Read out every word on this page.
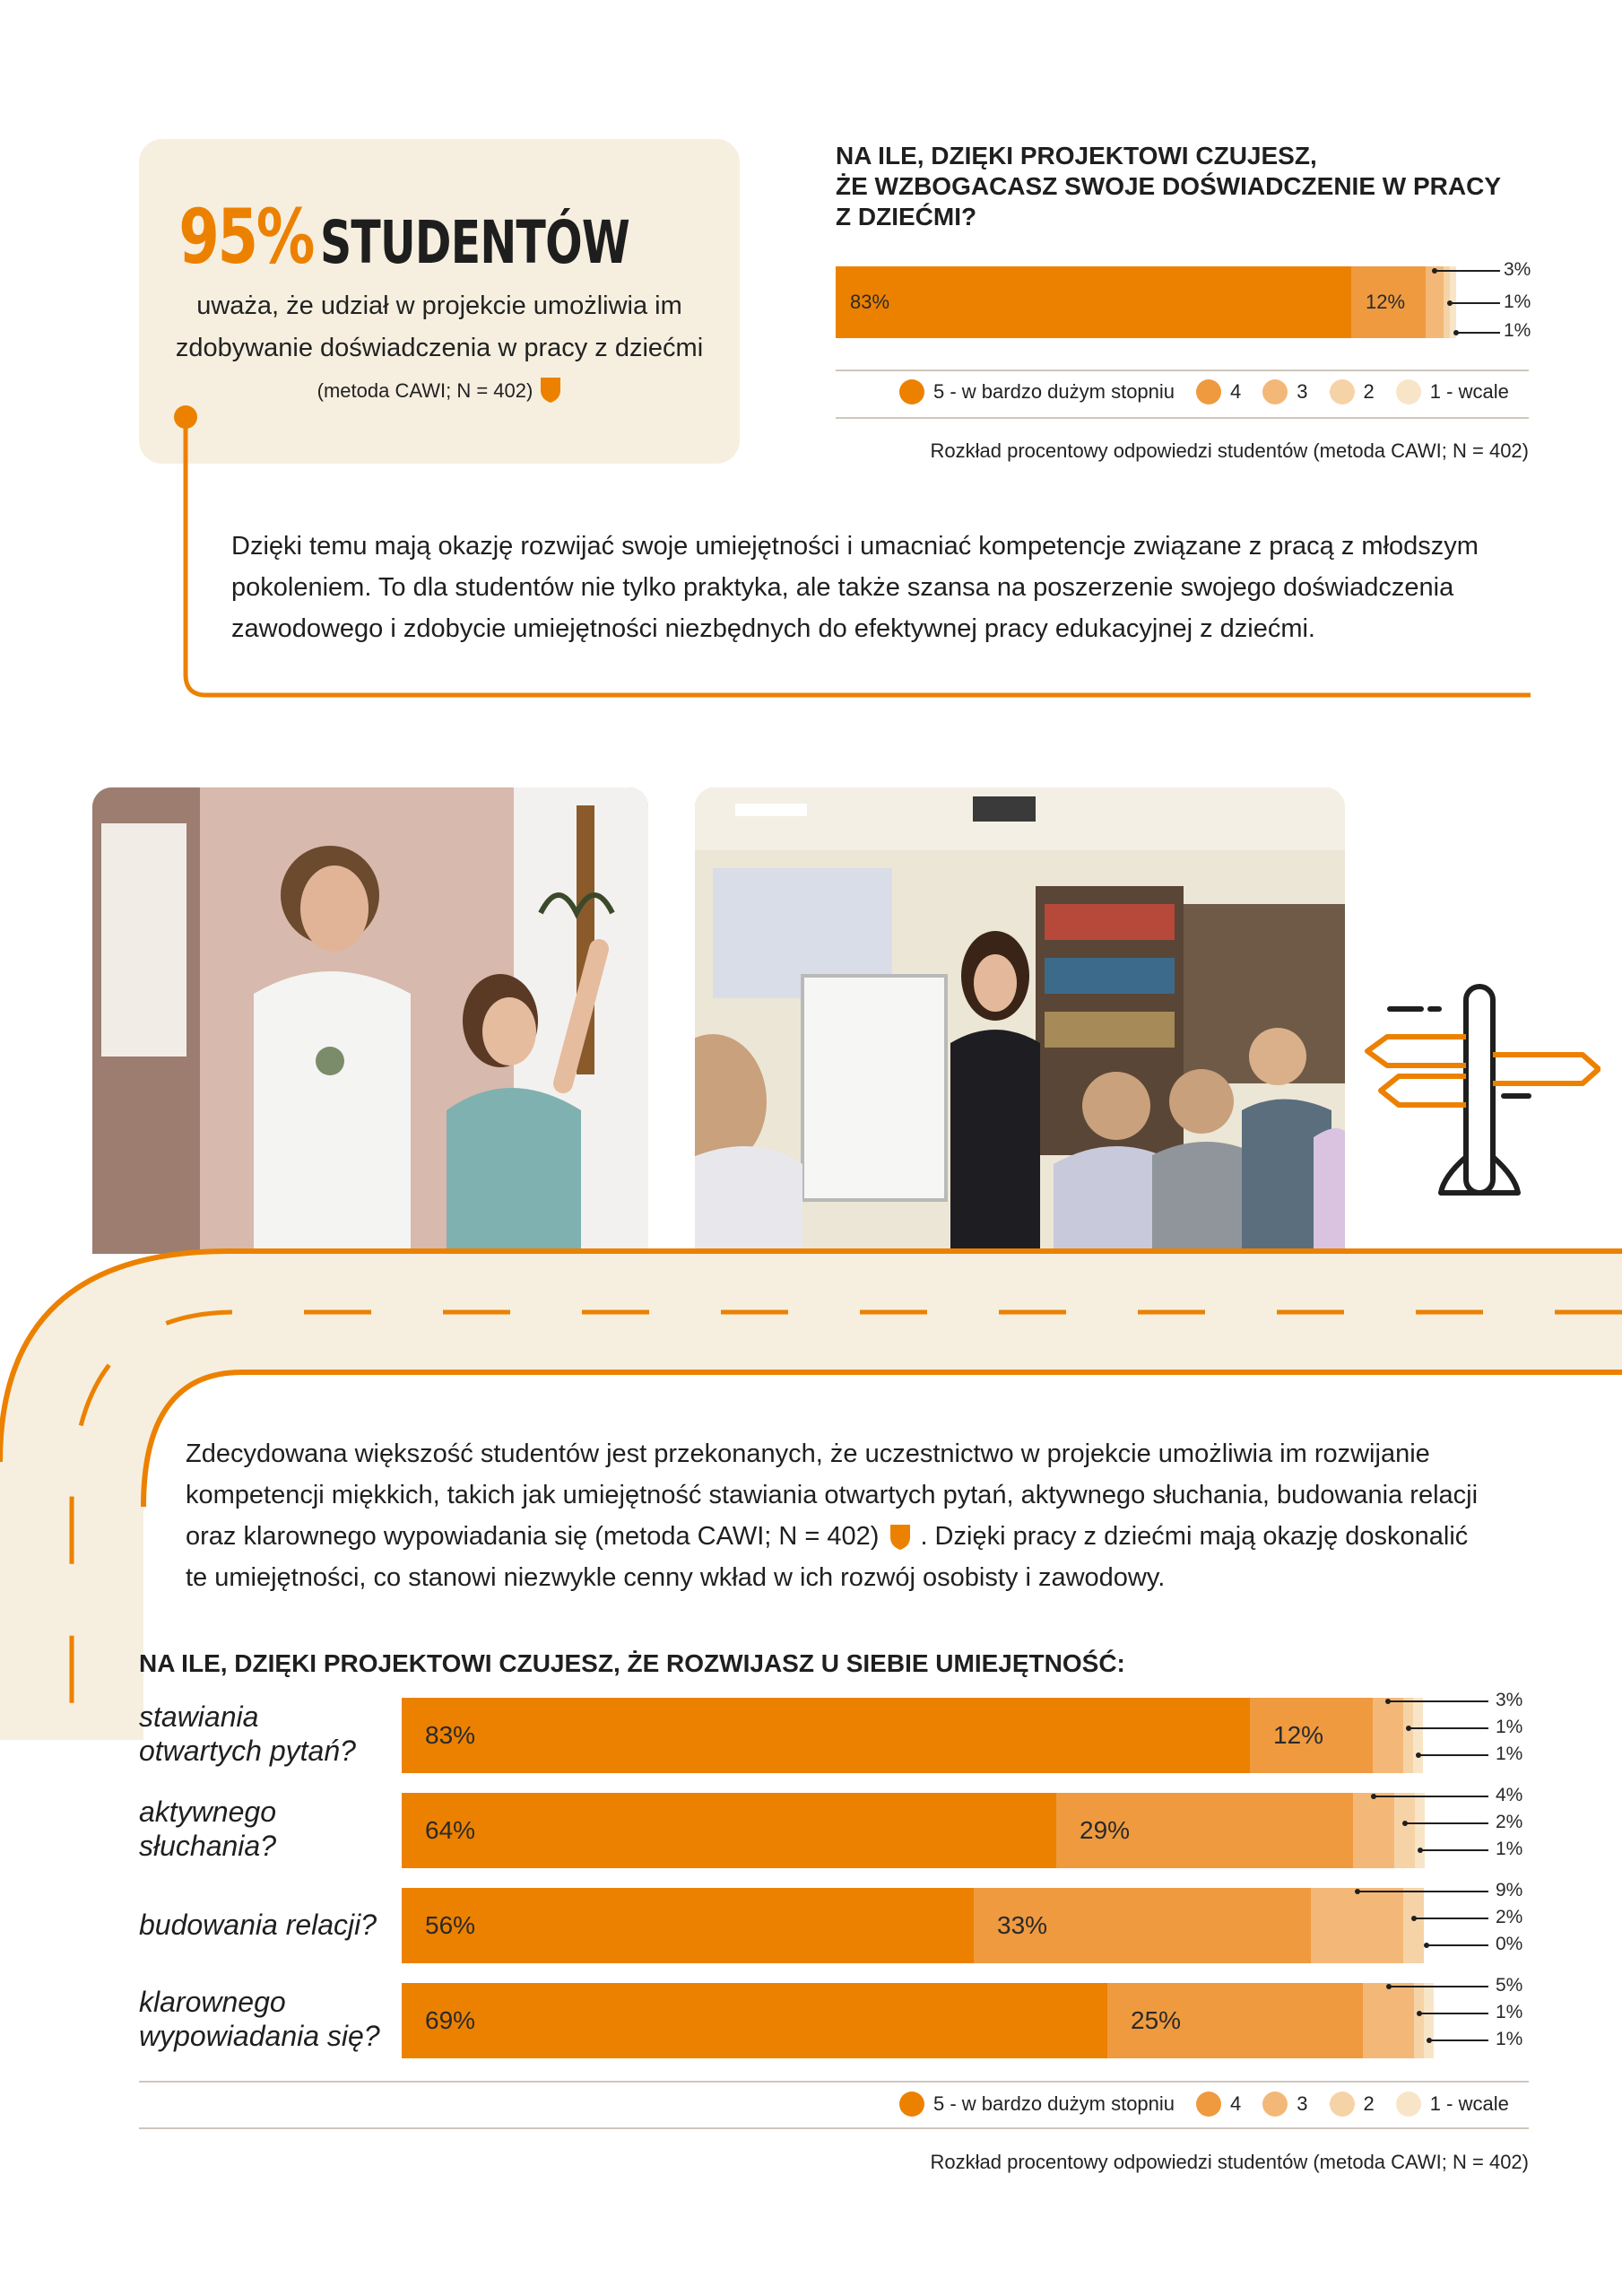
95% STUDENTÓW
uważa, że udział w projekcie umożliwia im
zdobywanie doświadczenia w pracy z dziećmi
(metoda CAWI; N = 402)
NA ILE, DZIĘKI PROJEKTOWI CZUJESZ,
ŻE WZBOGACASZ SWOJE DOŚWIADCZENIE W PRACY
Z DZIEĆMI?
83%	12%
3%
1%
1%
5 - w bardzo dużym stopniu	4	3	2	1 - wcale
Rozkład procentowy odpowiedzi studentów (metoda CAWI; N = 402)
Dzięki temu mają okazję rozwijać swoje umiejętności i umacniać kompetencje związane z pracą z młodszym
pokoleniem. To dla studentów nie tylko praktyka, ale także szansa na poszerzenie swojego doświadczenia
zawodowego i zdobycie umiejętności niezbędnych do efektywnej pracy edukacyjnej z dziećmi.
Zdecydowana większość studentów jest przekonanych, że uczestnictwo w projekcie umożliwia im rozwijanie
kompetencji miękkich, takich jak umiejętność stawiania otwartych pytań, aktywnego słuchania, budowania relacji
oraz klarownego wypowiadania się (metoda CAWI; N = 402) . Dzięki pracy z dziećmi mają okazję doskonalić
te umiejętności, co stanowi niezwykle cenny wkład w ich rozwój osobisty i zawodowy.
NA ILE, DZIĘKI PROJEKTOWI CZUJESZ, ŻE ROZWIJASZ U SIEBIE UMIEJĘTNOŚĆ:
stawiania
otwartych pytań?	83%	12%
3%
1%
1%
aktywnego
słuchania?	64%	29%
4%
2%
1%
budowania relacji? 56%	33%
9%
2%
0%
klarownego
wypowiadania się? 69%	25%
5%
1%
1%
5 - w bardzo dużym stopniu	4	3	2	1 - wcale
Rozkład procentowy odpowiedzi studentów (metoda CAWI; N = 402)
